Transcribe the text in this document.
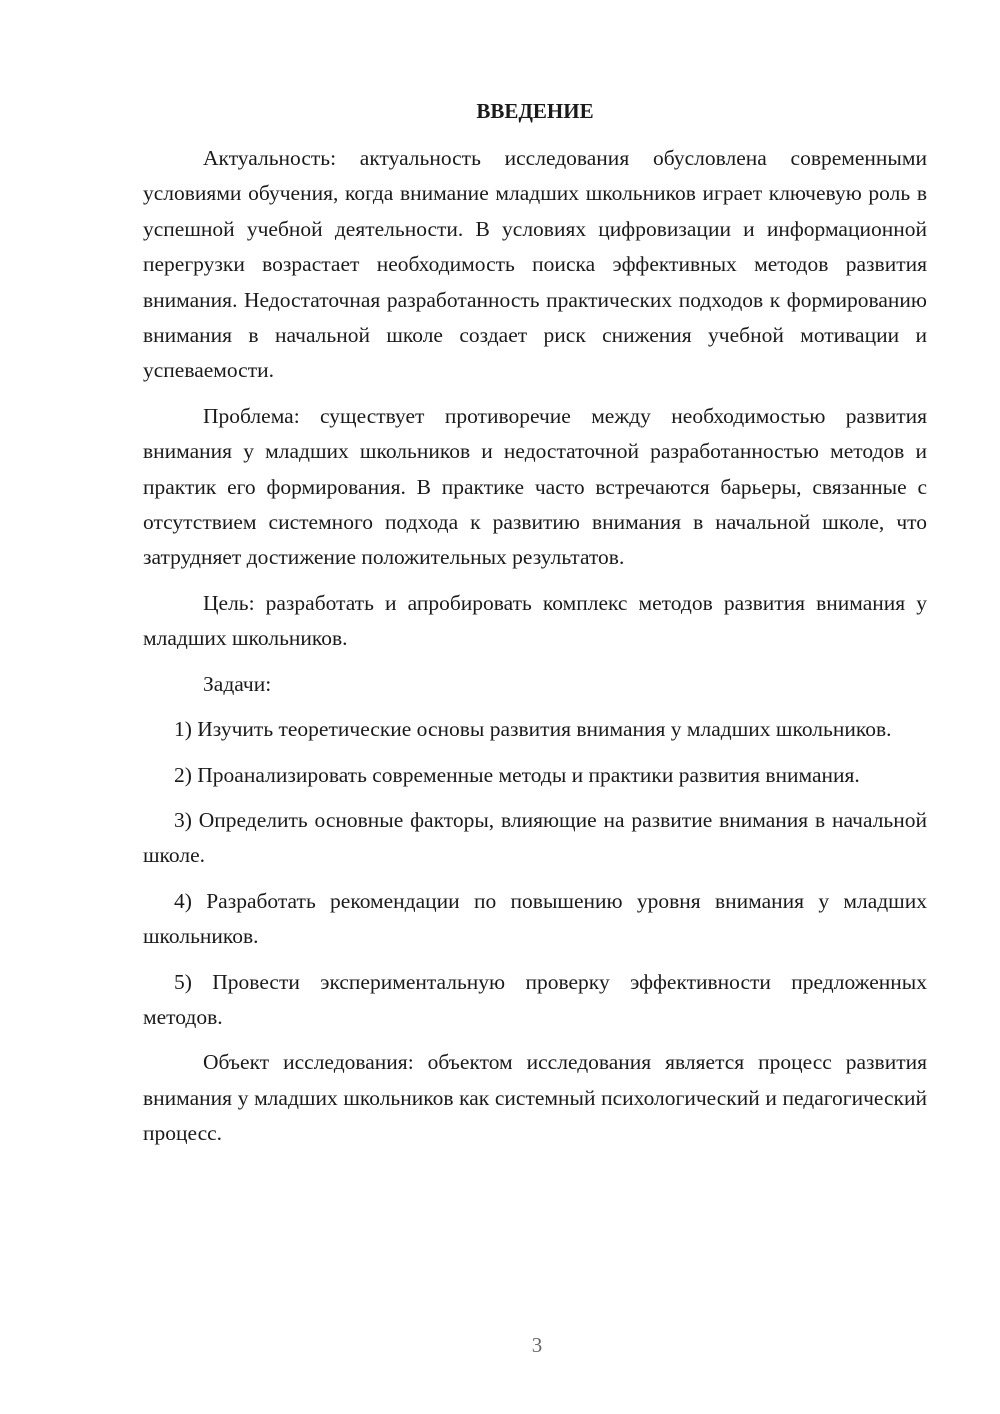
ВВЕДЕНИЕ

Актуальность: актуальность исследования обусловлена современными условиями обучения, когда внимание младших школьников играет ключевую роль в успешной учебной деятельности. В условиях цифровизации и информационной перегрузки возрастает необходимость поиска эффективных методов развития внимания. Недостаточная разработанность практических подходов к формированию внимания в начальной школе создает риск снижения учебной мотивации и успеваемости.

Проблема: существует противоречие между необходимостью развития внимания у младших школьников и недостаточной разработанностью методов и практик его формирования. В практике часто встречаются барьеры, связанные с отсутствием системного подхода к развитию внимания в начальной школе, что затрудняет достижение положительных результатов.

Цель: разработать и апробировать комплекс методов развития внимания у младших школьников.

Задачи:

1) Изучить теоретические основы развития внимания у младших школьников.

2) Проанализировать современные методы и практики развития внимания.

3) Определить основные факторы, влияющие на развитие внимания в начальной школе.

4) Разработать рекомендации по повышению уровня внимания у младших школьников.

5) Провести экспериментальную проверку эффективности предложенных методов.

Объект исследования: объектом исследования является процесс развития внимания у младших школьников как системный психологический и педагогический процесс.

3
